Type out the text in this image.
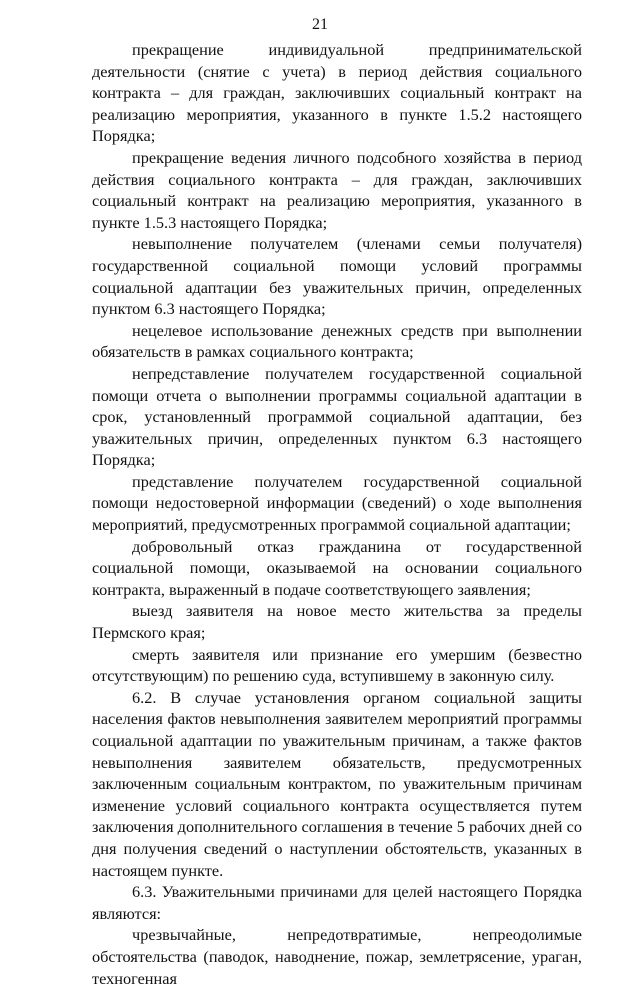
21

прекращение индивидуальной предпринимательской деятельности (снятие с учета) в период действия социального контракта – для граждан, заключивших социальный контракт на реализацию мероприятия, указанного в пункте 1.5.2 настоящего Порядка;

прекращение ведения личного подсобного хозяйства в период действия социального контракта – для граждан, заключивших социальный контракт на реализацию мероприятия, указанного в пункте 1.5.3 настоящего Порядка;

невыполнение получателем (членами семьи получателя) государственной социальной помощи условий программы социальной адаптации без уважительных причин, определенных пунктом 6.3 настоящего Порядка;

нецелевое использование денежных средств при выполнении обязательств в рамках социального контракта;

непредставление получателем государственной социальной помощи отчета о выполнении программы социальной адаптации в срок, установленный программой социальной адаптации, без уважительных причин, определенных пунктом 6.3 настоящего Порядка;

представление получателем государственной социальной помощи недостоверной информации (сведений) о ходе выполнения мероприятий, предусмотренных программой социальной адаптации;

добровольный отказ гражданина от государственной социальной помощи, оказываемой на основании социального контракта, выраженный в подаче соответствующего заявления;

выезд заявителя на новое место жительства за пределы Пермского края;

смерть заявителя или признание его умершим (безвестно отсутствующим) по решению суда, вступившему в законную силу.

6.2. В случае установления органом социальной защиты населения фактов невыполнения заявителем мероприятий программы социальной адаптации по уважительным причинам, а также фактов невыполнения заявителем обязательств, предусмотренных заключенным социальным контрактом, по уважительным причинам изменение условий социального контракта осуществляется путем заключения дополнительного соглашения в течение 5 рабочих дней со дня получения сведений о наступлении обстоятельств, указанных в настоящем пункте.

6.3. Уважительными причинами для целей настоящего Порядка являются:

чрезвычайные, непредотвратимые, непреодолимые обстоятельства (паводок, наводнение, пожар, землетрясение, ураган, техногенная
